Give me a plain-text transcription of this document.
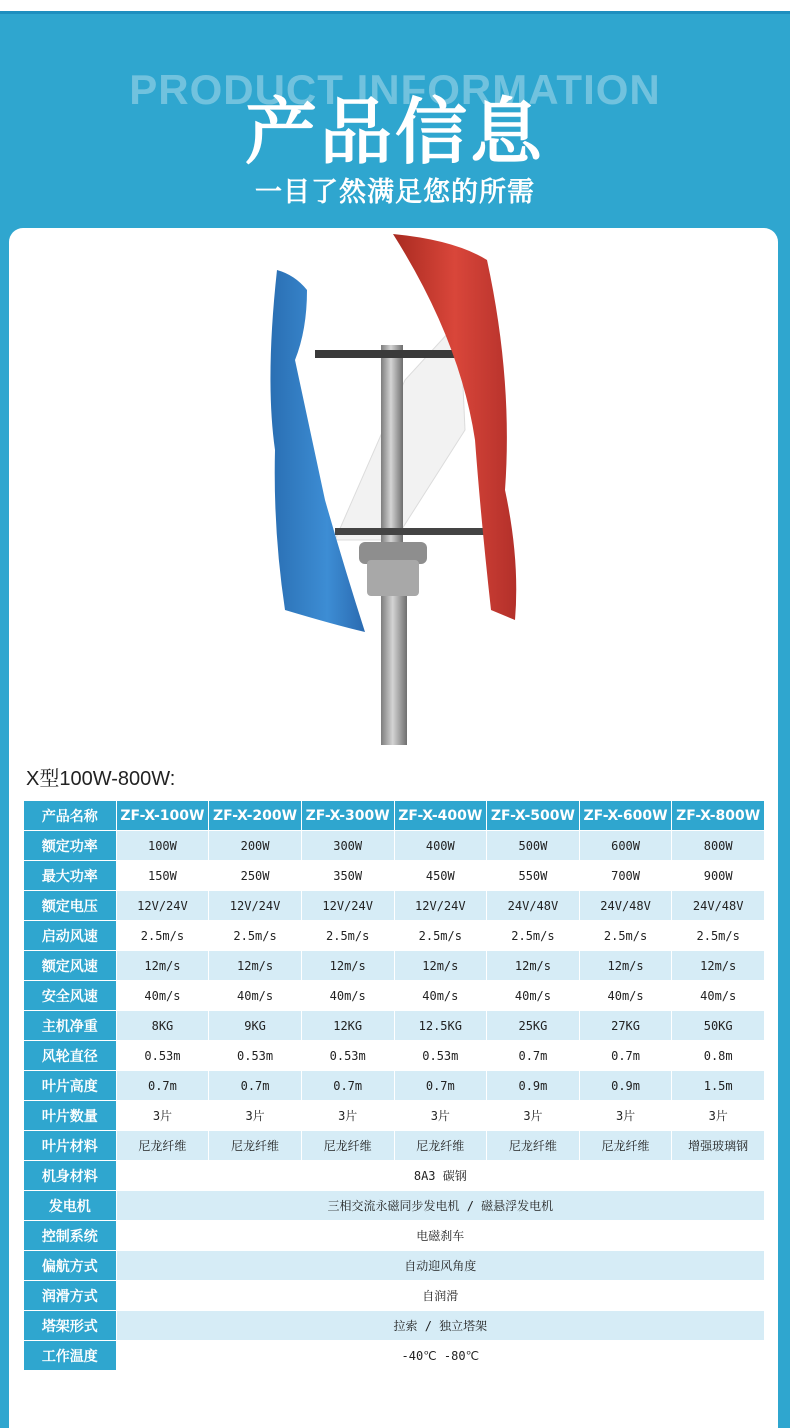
PRODUCT INFORMATION
产品信息
一目了然满足您的所需
X型100W-800W:
产品名称	ZF-X-100W	ZF-X-200W	ZF-X-300W	ZF-X-400W	ZF-X-500W	ZF-X-600W	ZF-X-800W
额定功率	100W	200W	300W	400W	500W	600W	800W
最大功率	150W	250W	350W	450W	550W	700W	900W
额定电压	12V/24V	12V/24V	12V/24V	12V/24V	24V/48V	24V/48V	24V/48V
启动风速	2.5m/s	2.5m/s	2.5m/s	2.5m/s	2.5m/s	2.5m/s	2.5m/s
额定风速	12m/s	12m/s	12m/s	12m/s	12m/s	12m/s	12m/s
安全风速	40m/s	40m/s	40m/s	40m/s	40m/s	40m/s	40m/s
主机净重	8KG	9KG	12KG	12.5KG	25KG	27KG	50KG
风轮直径	0.53m	0.53m	0.53m	0.53m	0.7m	0.7m	0.8m
叶片高度	0.7m	0.7m	0.7m	0.7m	0.9m	0.9m	1.5m
叶片数量	3片	3片	3片	3片	3片	3片	3片
叶片材料	尼龙纤维	尼龙纤维	尼龙纤维	尼龙纤维	尼龙纤维	尼龙纤维	增强玻璃钢
机身材料	8A3 碳钢						
发电机	三相交流永磁同步发电机 / 磁悬浮发电机						
控制系统	电磁刹车						
偏航方式	自动迎风角度						
润滑方式	自润滑						
塔架形式	拉索 / 独立塔架						
工作温度	-40℃ -80℃						
